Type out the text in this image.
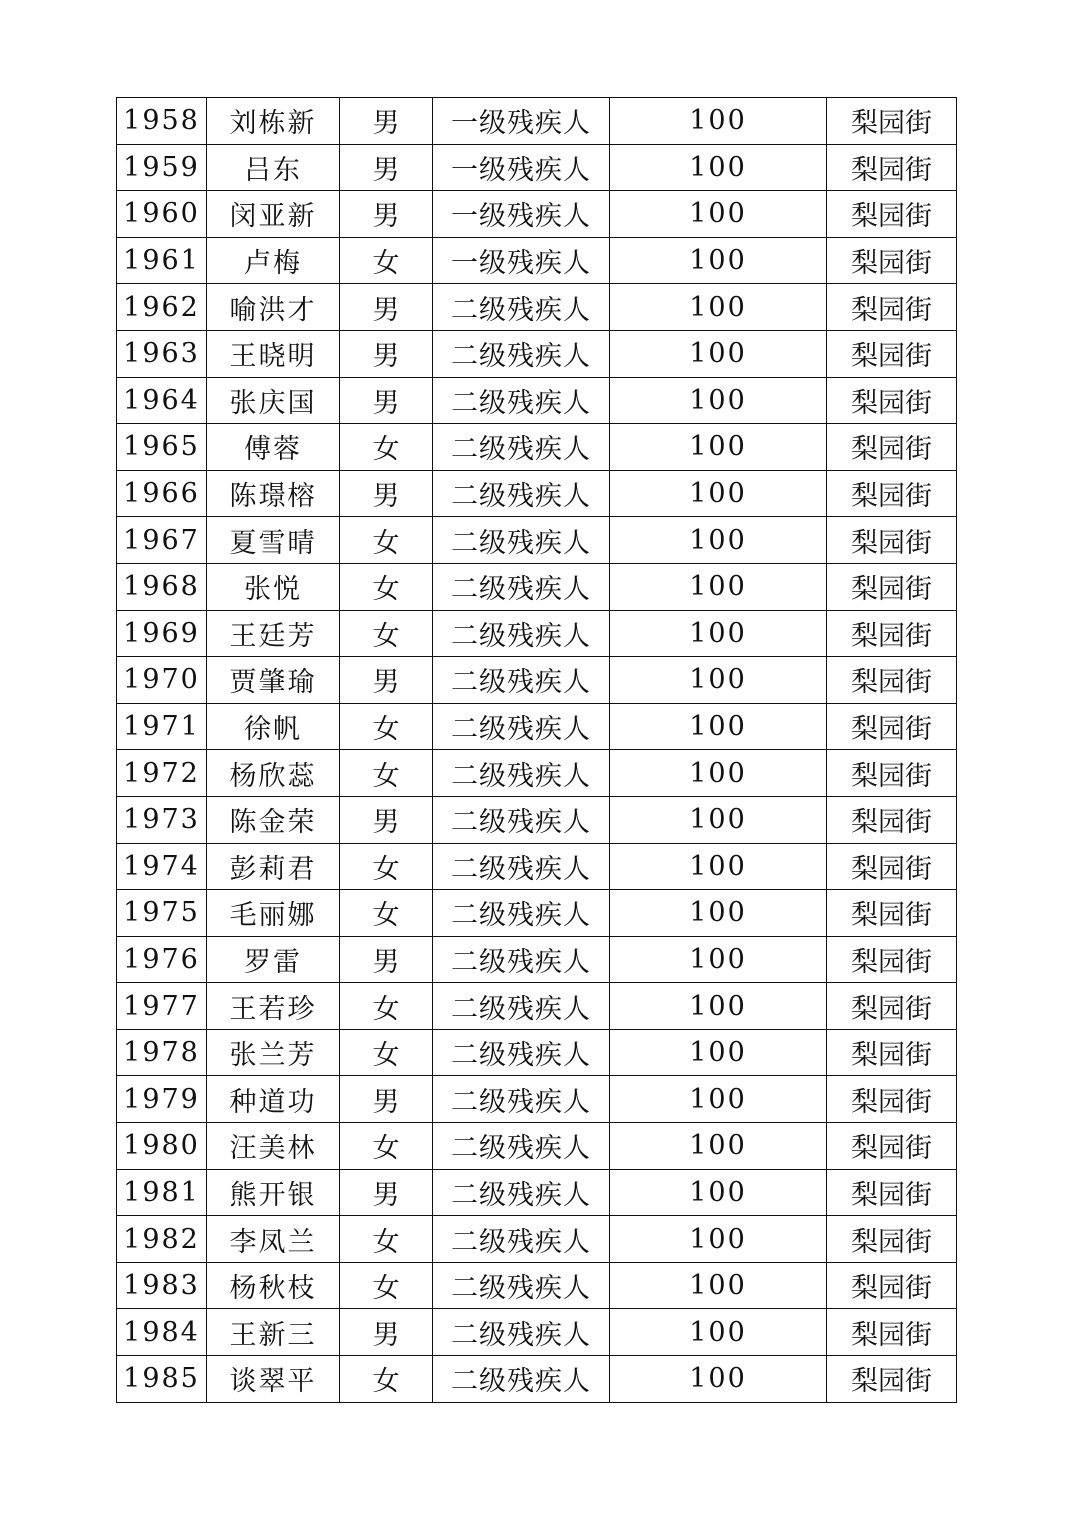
1958	刘栋新	男	一级残疾人	100	梨园街
1959	吕东	男	一级残疾人	100	梨园街
1960	闵亚新	男	一级残疾人	100	梨园街
1961	卢梅	女	一级残疾人	100	梨园街
1962	喻洪才	男	二级残疾人	100	梨园街
1963	王晓明	男	二级残疾人	100	梨园街
1964	张庆国	男	二级残疾人	100	梨园街
1965	傅蓉	女	二级残疾人	100	梨园街
1966	陈璟榕	男	二级残疾人	100	梨园街
1967	夏雪晴	女	二级残疾人	100	梨园街
1968	张悦	女	二级残疾人	100	梨园街
1969	王廷芳	女	二级残疾人	100	梨园街
1970	贾肇瑜	男	二级残疾人	100	梨园街
1971	徐帆	女	二级残疾人	100	梨园街
1972	杨欣蕊	女	二级残疾人	100	梨园街
1973	陈金荣	男	二级残疾人	100	梨园街
1974	彭莉君	女	二级残疾人	100	梨园街
1975	毛丽娜	女	二级残疾人	100	梨园街
1976	罗雷	男	二级残疾人	100	梨园街
1977	王若珍	女	二级残疾人	100	梨园街
1978	张兰芳	女	二级残疾人	100	梨园街
1979	种道功	男	二级残疾人	100	梨园街
1980	汪美林	女	二级残疾人	100	梨园街
1981	熊开银	男	二级残疾人	100	梨园街
1982	李凤兰	女	二级残疾人	100	梨园街
1983	杨秋枝	女	二级残疾人	100	梨园街
1984	王新三	男	二级残疾人	100	梨园街
1985	谈翠平	女	二级残疾人	100	梨园街
